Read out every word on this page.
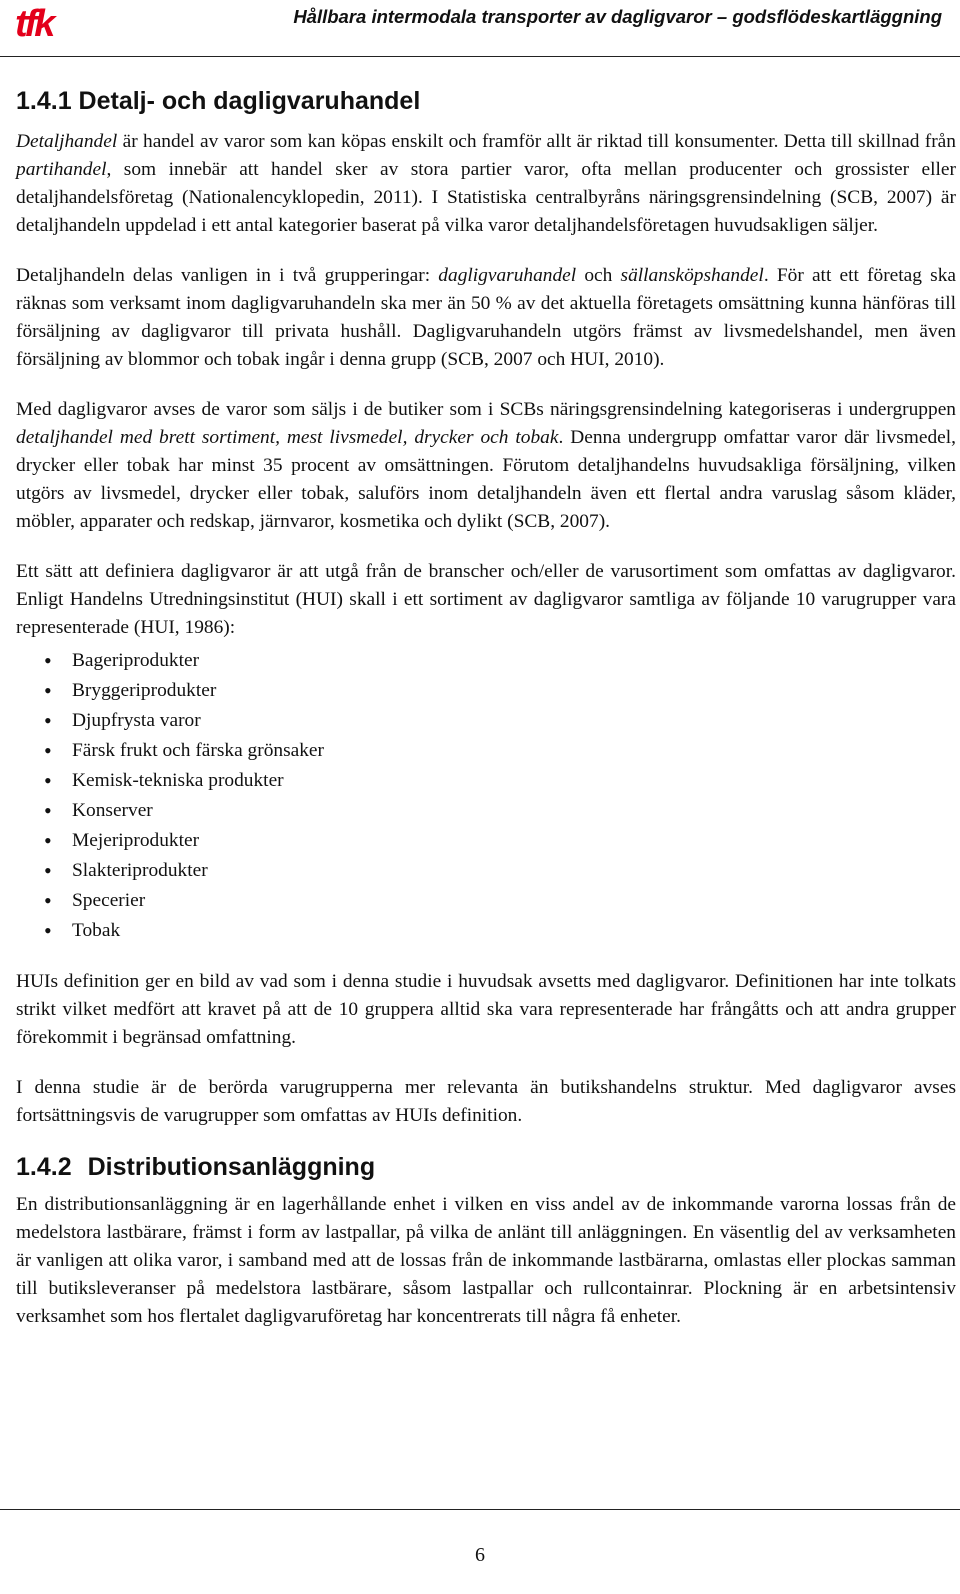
tfk	Hållbara intermodala transporter av dagligvaror – godsflödeskartläggning
1.4.1 Detalj- och dagligvaruhandel

Detaljhandel är handel av varor som kan köpas enskilt och framför allt är riktad till konsumenter. Detta till skillnad från partihandel, som innebär att handel sker av stora partier varor, ofta mellan producenter och grossister eller detaljhandelsföretag (Nationalencyklopedin, 2011). I Statistiska centralbyråns näringsgrensindelning (SCB, 2007) är detaljhandeln uppdelad i ett antal kategorier baserat på vilka varor detaljhandelsföretagen huvudsakligen säljer.

Detaljhandeln delas vanligen in i två grupperingar: dagligvaruhandel och sällansköpshandel. För att ett företag ska räknas som verksamt inom dagligvaruhandeln ska mer än 50 % av det aktuella företagets omsättning kunna hänföras till försäljning av dagligvaror till privata hushåll. Dagligvaruhandeln utgörs främst av livsmedelshandel, men även försäljning av blommor och tobak ingår i denna grupp (SCB, 2007 och HUI, 2010).

Med dagligvaror avses de varor som säljs i de butiker som i SCBs näringsgrensindelning kategoriseras i undergruppen detaljhandel med brett sortiment, mest livsmedel, drycker och tobak. Denna undergrupp omfattar varor där livsmedel, drycker eller tobak har minst 35 procent av omsättningen. Förutom detaljhandelns huvudsakliga försäljning, vilken utgörs av livsmedel, drycker eller tobak, saluförs inom detaljhandeln även ett flertal andra varuslag såsom kläder, möbler, apparater och redskap, järnvaror, kosmetika och dylikt (SCB, 2007).

Ett sätt att definiera dagligvaror är att utgå från de branscher och/eller de varusortiment som omfattas av dagligvaror. Enligt Handelns Utredningsinstitut (HUI) skall i ett sortiment av dagligvaror samtliga av följande 10 varugrupper vara representerade (HUI, 1986):

• Bageriprodukter
• Bryggeriprodukter
• Djupfrysta varor
• Färsk frukt och färska grönsaker
• Kemisk-tekniska produkter
• Konserver
• Mejeriprodukter
• Slakteriprodukter
• Specerier
• Tobak

HUIs definition ger en bild av vad som i denna studie i huvudsak avsetts med dagligvaror. Definitionen har inte tolkats strikt vilket medfört att kravet på att de 10 gruppera alltid ska vara representerade har frångåtts och att andra grupper förekommit i begränsad omfattning.

I denna studie är de berörda varugrupperna mer relevanta än butikshandelns struktur. Med dagligvaror avses fortsättningsvis de varugrupper som omfattas av HUIs definition.

1.4.2 Distributionsanläggning

En distributionsanläggning är en lagerhållande enhet i vilken en viss andel av de inkommande varorna lossas från de medelstora lastbärare, främst i form av lastpallar, på vilka de anlänt till anläggningen. En väsentlig del av verksamheten är vanligen att olika varor, i samband med att de lossas från de inkommande lastbärarna, omlastas eller plockas samman till butiksleveranser på medelstora lastbärare, såsom lastpallar och rullcontainrar. Plockning är en arbetsintensiv verksamhet som hos flertalet dagligvaruföretag har koncentrerats till några få enheter.

6
